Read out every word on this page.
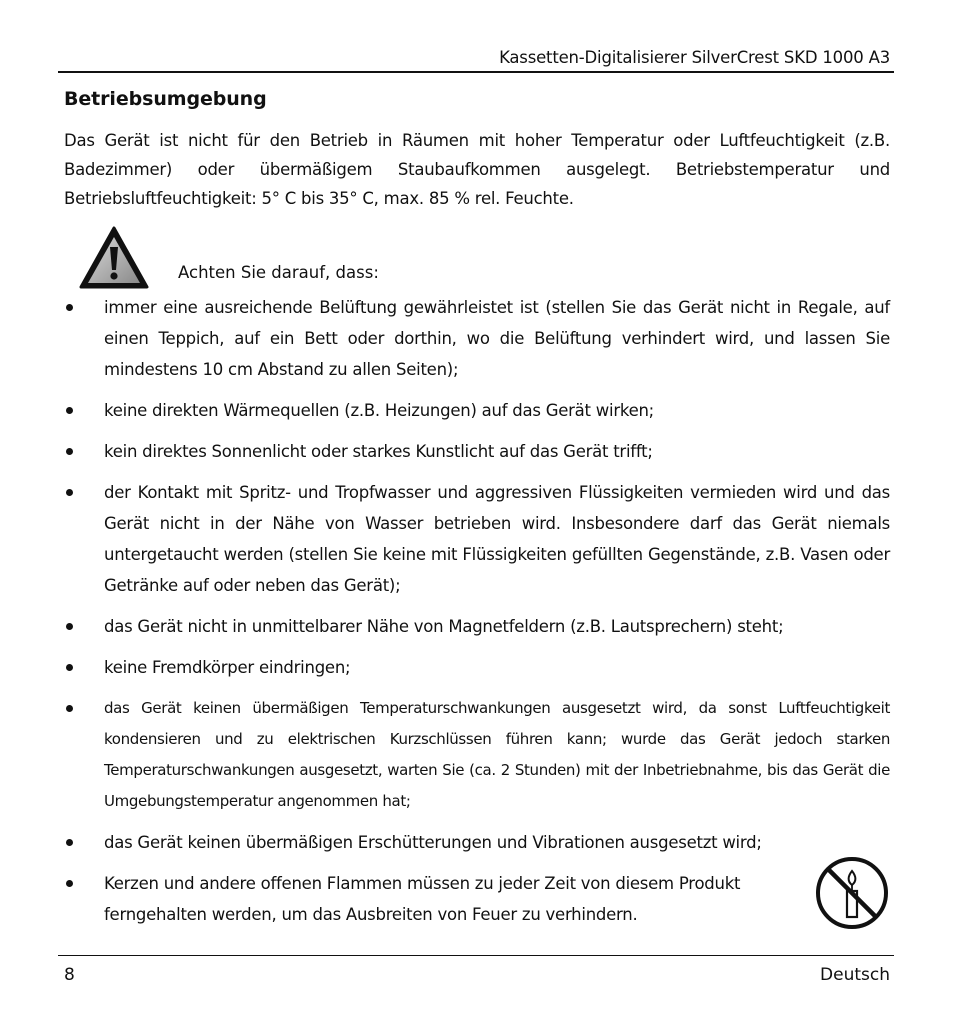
Kassetten-Digitalisierer SilverCrest SKD 1000 A3
Betriebsumgebung

Das Gerät ist nicht für den Betrieb in Räumen mit hoher Temperatur oder Luftfeuchtigkeit (z.B. Badezimmer) oder übermäßigem Staubaufkommen ausgelegt. Betriebstemperatur und Betriebsluftfeuchtigkeit: 5° C bis 35° C, max. 85 % rel. Feuchte.

Achten Sie darauf, dass:
immer eine ausreichende Belüftung gewährleistet ist (stellen Sie das Gerät nicht in Regale, auf einen Teppich, auf ein Bett oder dorthin, wo die Belüftung verhindert wird, und lassen Sie mindestens 10 cm Abstand zu allen Seiten);
keine direkten Wärmequellen (z.B. Heizungen) auf das Gerät wirken;
kein direktes Sonnenlicht oder starkes Kunstlicht auf das Gerät trifft;
der Kontakt mit Spritz- und Tropfwasser und aggressiven Flüssigkeiten vermieden wird und das Gerät nicht in der Nähe von Wasser betrieben wird. Insbesondere darf das Gerät niemals untergetaucht werden (stellen Sie keine mit Flüssigkeiten gefüllten Gegenstände, z.B. Vasen oder Getränke auf oder neben das Gerät);
das Gerät nicht in unmittelbarer Nähe von Magnetfeldern (z.B. Lautsprechern) steht;
keine Fremdkörper eindringen;
das Gerät keinen übermäßigen Temperaturschwankungen ausgesetzt wird, da sonst Luftfeuchtigkeit kondensieren und zu elektrischen Kurzschlüssen führen kann; wurde das Gerät jedoch starken Temperaturschwankungen ausgesetzt, warten Sie (ca. 2 Stunden) mit der Inbetriebnahme, bis das Gerät die Umgebungstemperatur angenommen hat;
das Gerät keinen übermäßigen Erschütterungen und Vibrationen ausgesetzt wird;
Kerzen und andere offenen Flammen müssen zu jeder Zeit von diesem Produkt ferngehalten werden, um das Ausbreiten von Feuer zu verhindern.
8	Deutsch
